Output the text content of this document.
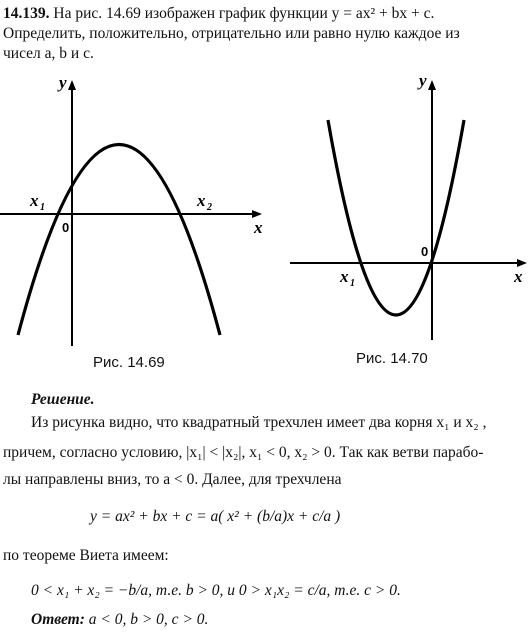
14.139. На рис. 14.69 изображен график функции y = ax² + bx + c.
Определить, положительно, отрицательно или равно нулю каждое из
чисел a, b и c.
y
x
0
x 1	x 2
y
x
0
x 1
Рис. 14.69	Рис. 14.70
Решение.
Из рисунка видно, что квадратный трехчлен имеет два корня x₁ и x₂ ,
причем, согласно условию, |x₁| < |x₂|, x₁ < 0, x₂ > 0. Так как ветви парабо-
лы направлены вниз, то a < 0. Далее, для трехчлена
y = ax² + bx + c = a( x² + (b/a)x + c/a )
по теореме Виета имеем:
0 < x₁ + x₂ = −b/a, т.е. b > 0, и 0 > x₁x₂ = c/a, т.е. c > 0.
Ответ: a < 0, b > 0, c > 0.
